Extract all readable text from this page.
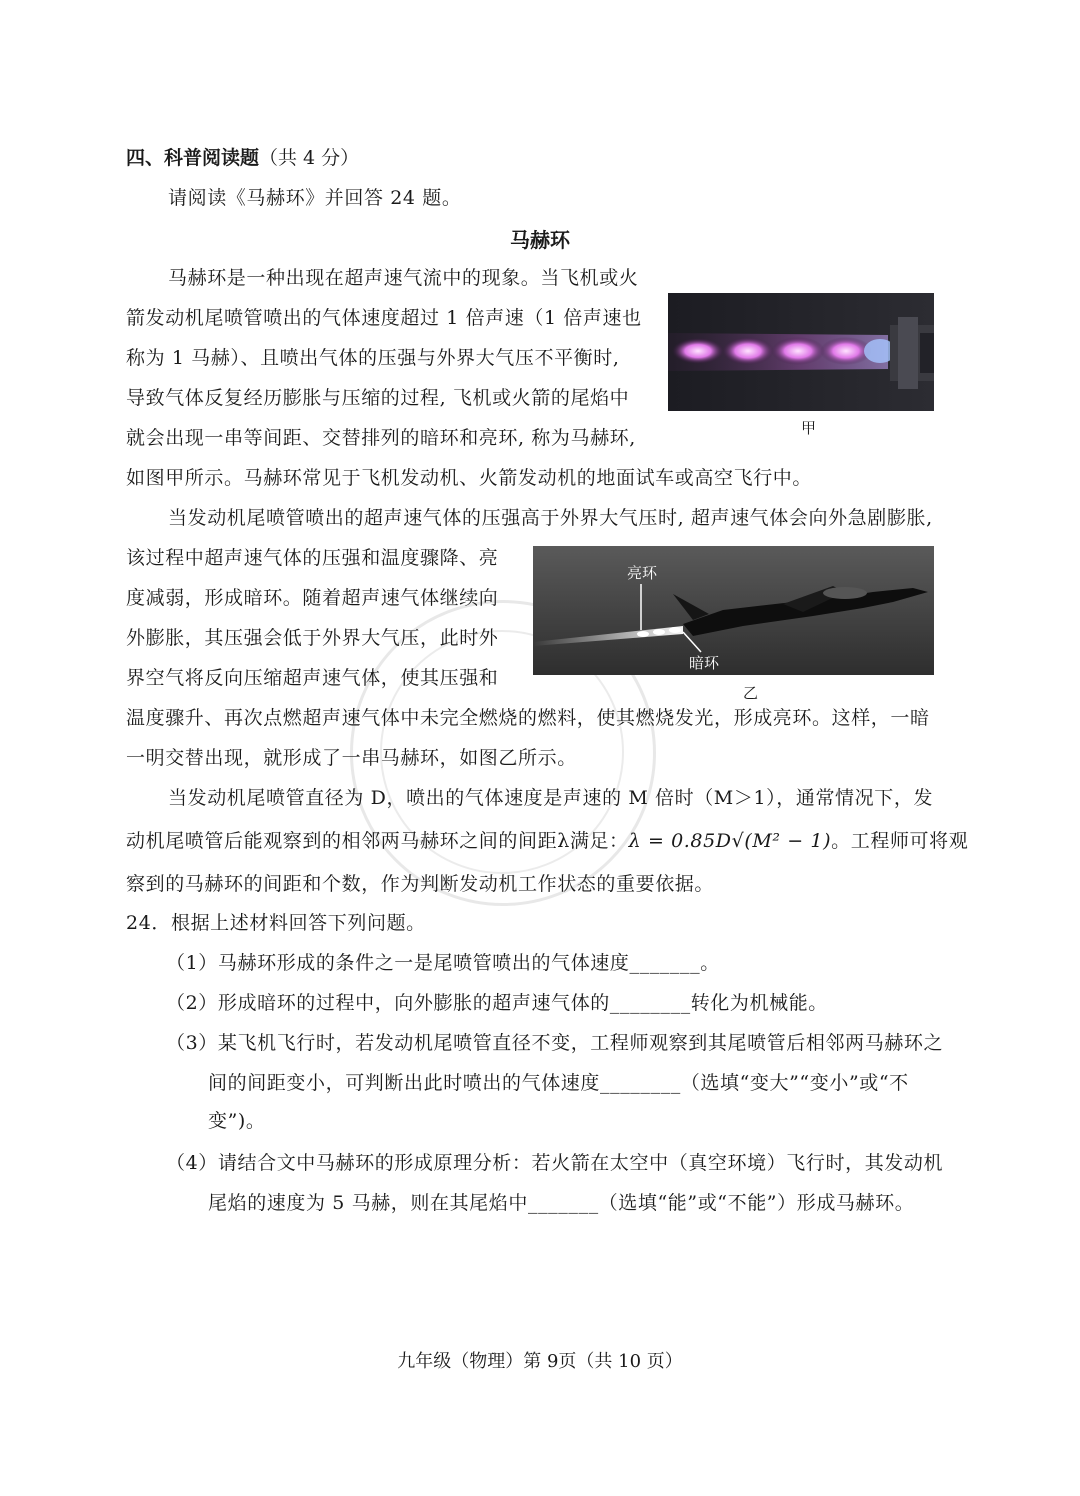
四、科普阅读题（共 4 分）
请阅读《马赫环》并回答 24 题。
马赫环
马赫环是一种出现在超声速气流中的现象。当飞机或火
箭发动机尾喷管喷出的气体速度超过 1 倍声速（1 倍声速也
称为 1 马赫）、且喷出气体的压强与外界大气压不平衡时,
导致气体反复经历膨胀与压缩的过程, 飞机或火箭的尾焰中
就会出现一串等间距、交替排列的暗环和亮环, 称为马赫环,
如图甲所示。马赫环常见于飞机发动机、火箭发动机的地面试车或高空飞行中。
甲
当发动机尾喷管喷出的超声速气体的压强高于外界大气压时, 超声速气体会向外急剧膨胀,
该过程中超声速气体的压强和温度骤降、亮
度减弱，形成暗环。随着超声速气体继续向
外膨胀，其压强会低于外界大气压，此时外
界空气将反向压缩超声速气体，使其压强和
温度骤升、再次点燃超声速气体中未完全燃烧的燃料，使其燃烧发光，形成亮环。这样，一暗
一明交替出现，就形成了一串马赫环，如图乙所示。
亮环
暗环
乙
当发动机尾喷管直径为 D，喷出的气体速度是声速的 M 倍时（M＞1），通常情况下，发
动机尾喷管后能观察到的相邻两马赫环之间的间距λ满足：λ = 0.85D√(M² − 1)。工程师可将观
察到的马赫环的间距和个数，作为判断发动机工作状态的重要依据。
24．根据上述材料回答下列问题。
（1）马赫环形成的条件之一是尾喷管喷出的气体速度_______。
（2）形成暗环的过程中，向外膨胀的超声速气体的________转化为机械能。
（3）某飞机飞行时，若发动机尾喷管直径不变，工程师观察到其尾喷管后相邻两马赫环之
间的间距变小，可判断出此时喷出的气体速度________（选填“变大”“变小”或“不
变”)。
（4）请结合文中马赫环的形成原理分析：若火箭在太空中（真空环境）飞行时，其发动机
尾焰的速度为 5 马赫，则在其尾焰中_______（选填“能”或“不能”）形成马赫环。
九年级（物理）第 9页（共 10 页）
